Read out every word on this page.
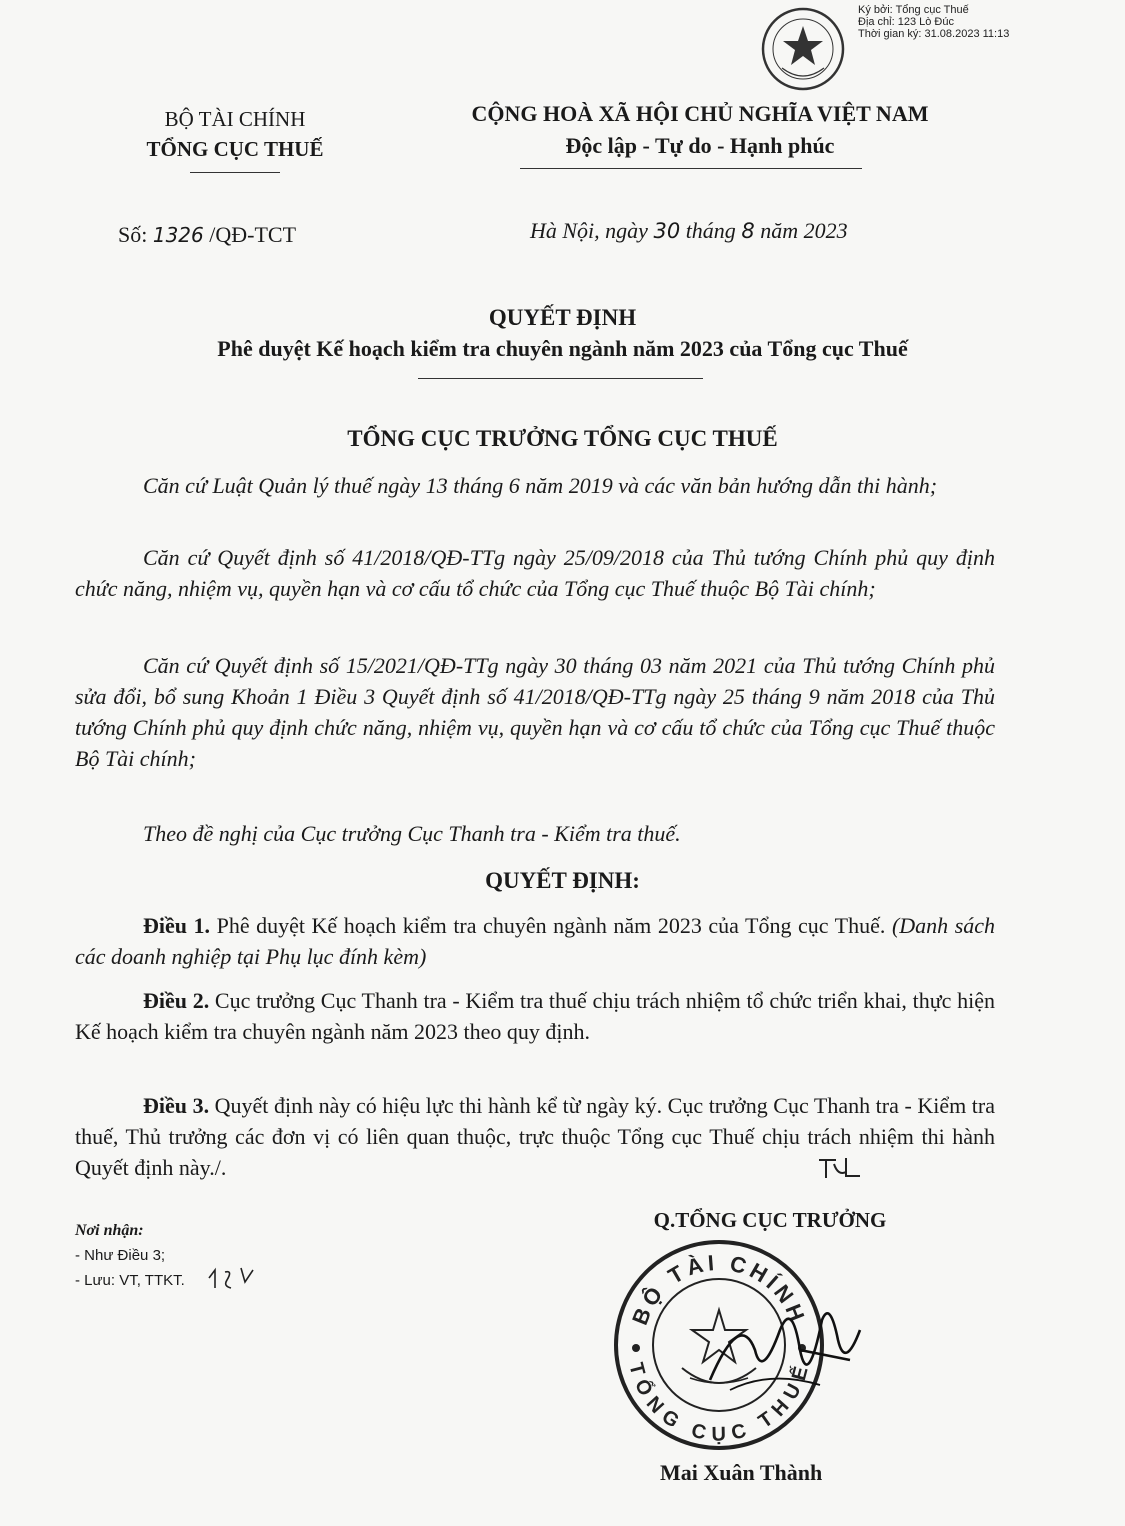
Ký bởi: Tổng cục Thuế
Địa chỉ: 123 Lò Đúc
Thời gian ký: 31.08.2023 11:13
BỘ TÀI CHÍNH
TỔNG CỤC THUẾ
CỘNG HOÀ XÃ HỘI CHỦ NGHĨA VIỆT NAM
Độc lập - Tự do - Hạnh phúc
Số: 1326 /QĐ-TCT	Hà Nội, ngày 30 tháng 8 năm 2023
QUYẾT ĐỊNH
Phê duyệt Kế hoạch kiểm tra chuyên ngành năm 2023 của Tổng cục Thuế
TỔNG CỤC TRƯỞNG TỔNG CỤC THUẾ
Căn cứ Luật Quản lý thuế ngày 13 tháng 6 năm 2019 và các văn bản hướng dẫn thi hành;
Căn cứ Quyết định số 41/2018/QĐ-TTg ngày 25/09/2018 của Thủ tướng Chính phủ quy định chức năng, nhiệm vụ, quyền hạn và cơ cấu tổ chức của Tổng cục Thuế thuộc Bộ Tài chính;
Căn cứ Quyết định số 15/2021/QĐ-TTg ngày 30 tháng 03 năm 2021 của Thủ tướng Chính phủ sửa đổi, bổ sung Khoản 1 Điều 3 Quyết định số 41/2018/QĐ-TTg ngày 25 tháng 9 năm 2018 của Thủ tướng Chính phủ quy định chức năng, nhiệm vụ, quyền hạn và cơ cấu tổ chức của Tổng cục Thuế thuộc Bộ Tài chính;
Theo đề nghị của Cục trưởng Cục Thanh tra - Kiểm tra thuế.
QUYẾT ĐỊNH:
Điều 1. Phê duyệt Kế hoạch kiểm tra chuyên ngành năm 2023 của Tổng cục Thuế. (Danh sách các doanh nghiệp tại Phụ lục đính kèm)
Điều 2. Cục trưởng Cục Thanh tra - Kiểm tra thuế chịu trách nhiệm tổ chức triển khai, thực hiện Kế hoạch kiểm tra chuyên ngành năm 2023 theo quy định.
Điều 3. Quyết định này có hiệu lực thi hành kể từ ngày ký. Cục trưởng Cục Thanh tra - Kiểm tra thuế, Thủ trưởng các đơn vị có liên quan thuộc, trực thuộc Tổng cục Thuế chịu trách nhiệm thi hành Quyết định này./.
Nơi nhận:
- Như Điều 3;
- Lưu: VT, TTKT.
Q.TỔNG CỤC TRƯỞNG
BỘ TÀI CHÍNH
TỔNG CỤC THUẾ
Mai Xuân Thành
